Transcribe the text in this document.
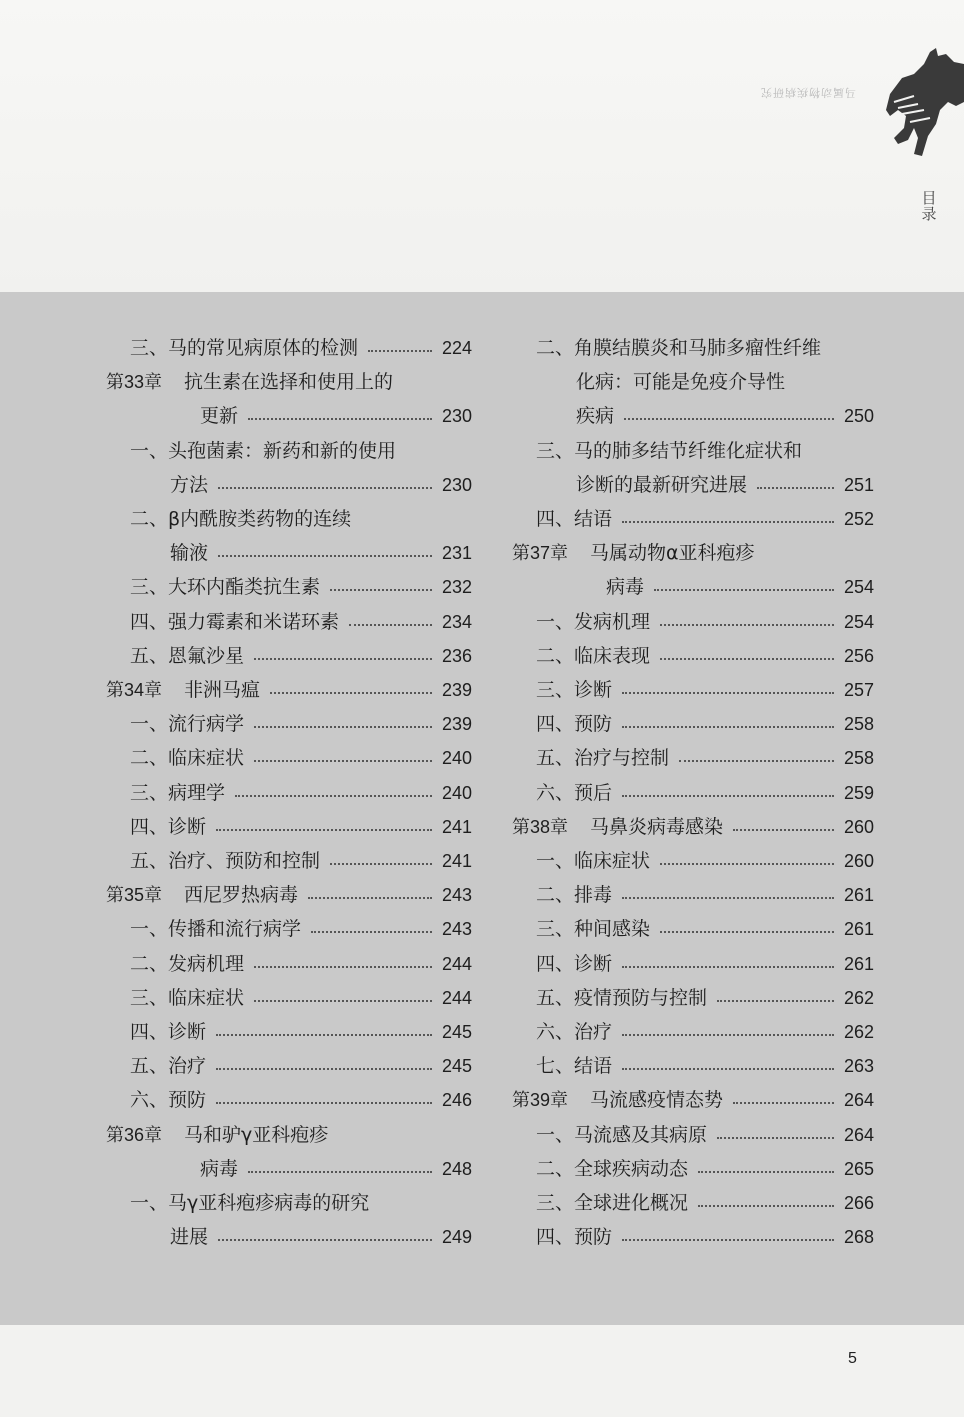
马属动物疾病研究
目录
三、马的常见病原体的检测	224
第33章 抗生素在选择和使用上的
更新	230
一、头孢菌素：新药和新的使用
方法	230
二、β内酰胺类药物的连续
输液	231
三、大环内酯类抗生素	232
四、强力霉素和米诺环素	234
五、恩氟沙星	236
第34章 非洲马瘟	239
一、流行病学	239
二、临床症状	240
三、病理学	240
四、诊断	241
五、治疗、预防和控制	241
第35章 西尼罗热病毒	243
一、传播和流行病学	243
二、发病机理	244
三、临床症状	244
四、诊断	245
五、治疗	245
六、预防	246
第36章 马和驴γ亚科疱疹
病毒	248
一、马γ亚科疱疹病毒的研究
进展	249
二、角膜结膜炎和马肺多瘤性纤维
化病：可能是免疫介导性
疾病	250
三、马的肺多结节纤维化症状和
诊断的最新研究进展	251
四、结语	252
第37章 马属动物α亚科疱疹
病毒	254
一、发病机理	254
二、临床表现	256
三、诊断	257
四、预防	258
五、治疗与控制	258
六、预后	259
第38章 马鼻炎病毒感染	260
一、临床症状	260
二、排毒	261
三、种间感染	261
四、诊断	261
五、疫情预防与控制	262
六、治疗	262
七、结语	263
第39章 马流感疫情态势	264
一、马流感及其病原	264
二、全球疾病动态	265
三、全球进化概况	266
四、预防	268
5
